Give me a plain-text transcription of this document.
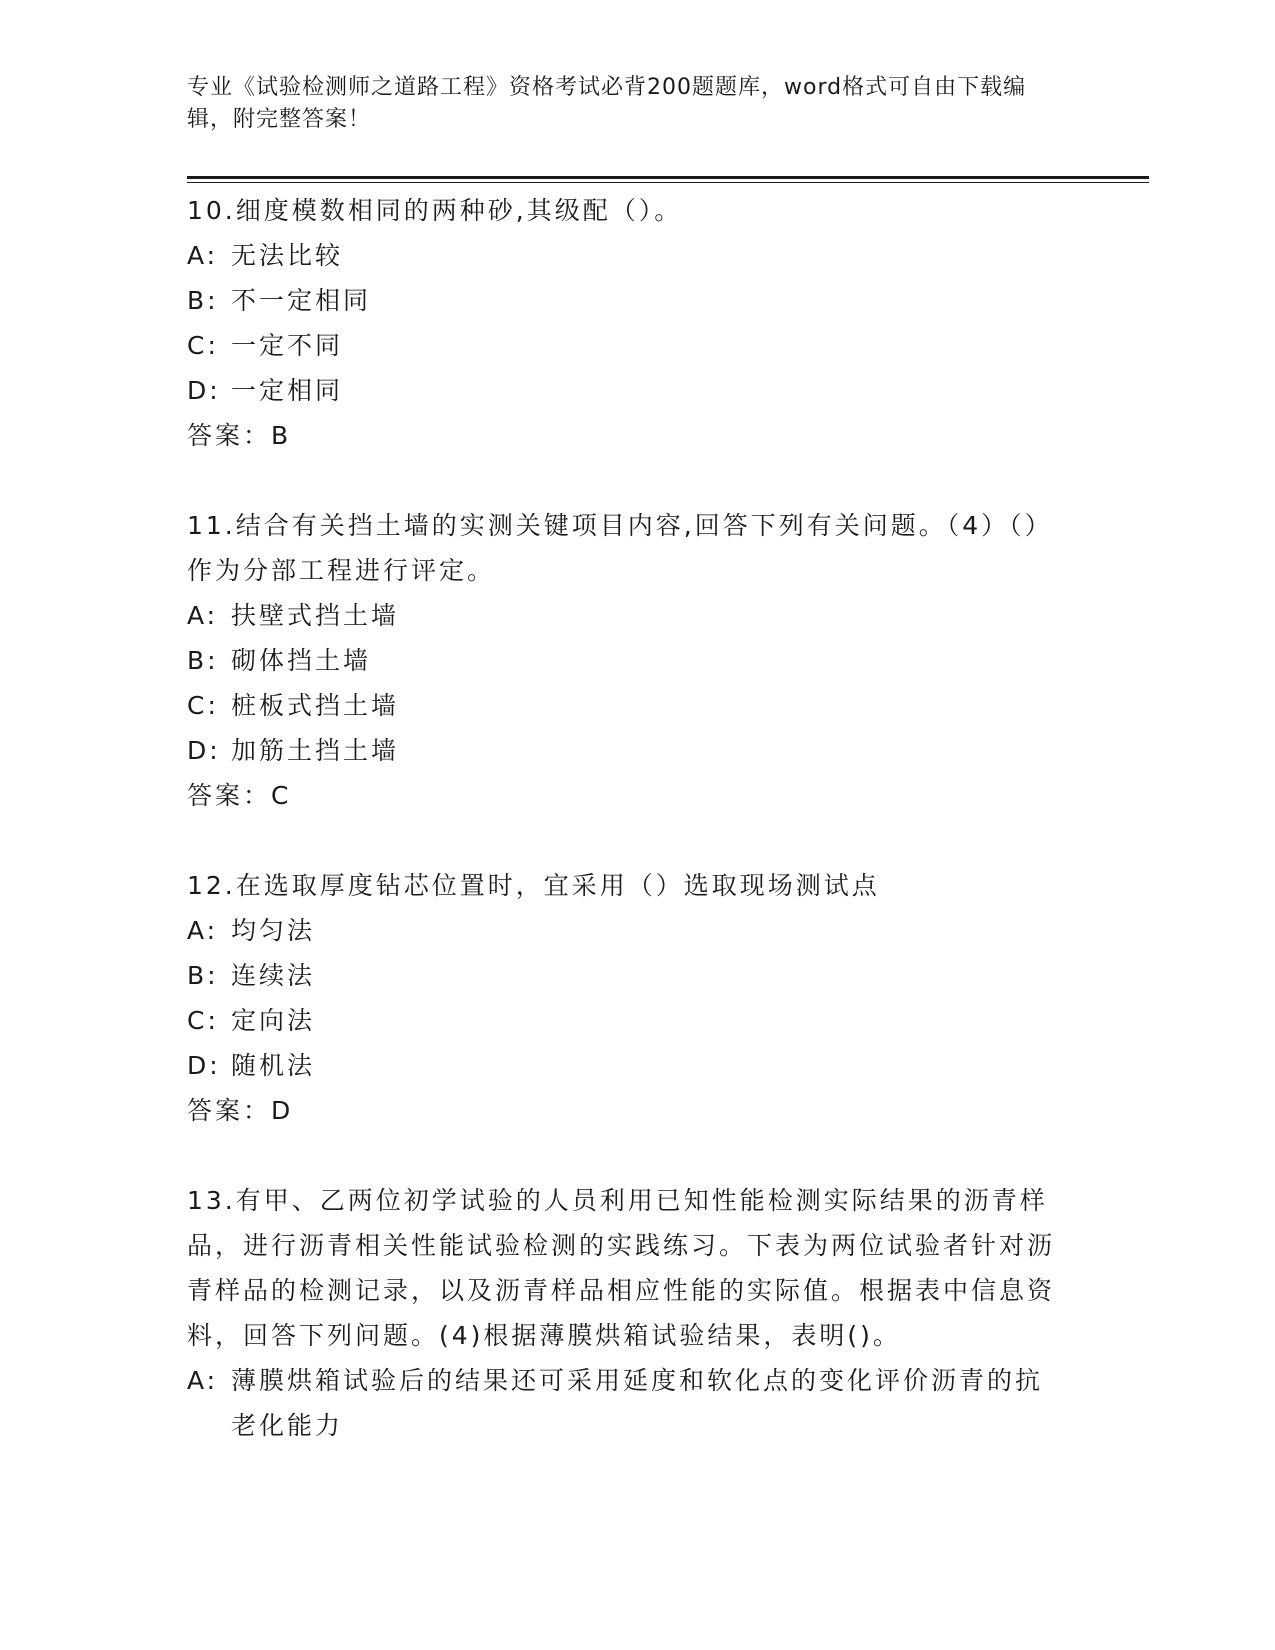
专业《试验检测师之道路工程》资格考试必背200题题库，word格式可自由下载编辑，附完整答案！
10.细度模数相同的两种砂,其级配（）。
A: 无法比较
B: 不一定相同
C: 一定不同
D: 一定相同
答案：B
11.结合有关挡土墙的实测关键项目内容,回答下列有关问题。（4）（）作为分部工程进行评定。
A: 扶壁式挡土墙
B: 砌体挡土墙
C: 桩板式挡土墙
D: 加筋土挡土墙
答案：C
12.在选取厚度钻芯位置时，宜采用（）选取现场测试点
A: 均匀法
B: 连续法
C: 定向法
D: 随机法
答案：D
13.有甲、乙两位初学试验的人员利用已知性能检测实际结果的沥青样品，进行沥青相关性能试验检测的实践练习。下表为两位试验者针对沥青样品的检测记录，以及沥青样品相应性能的实际值。根据表中信息资料，回答下列问题。(4)根据薄膜烘箱试验结果，表明()。
A: 薄膜烘箱试验后的结果还可采用延度和软化点的变化评价沥青的抗老化能力
